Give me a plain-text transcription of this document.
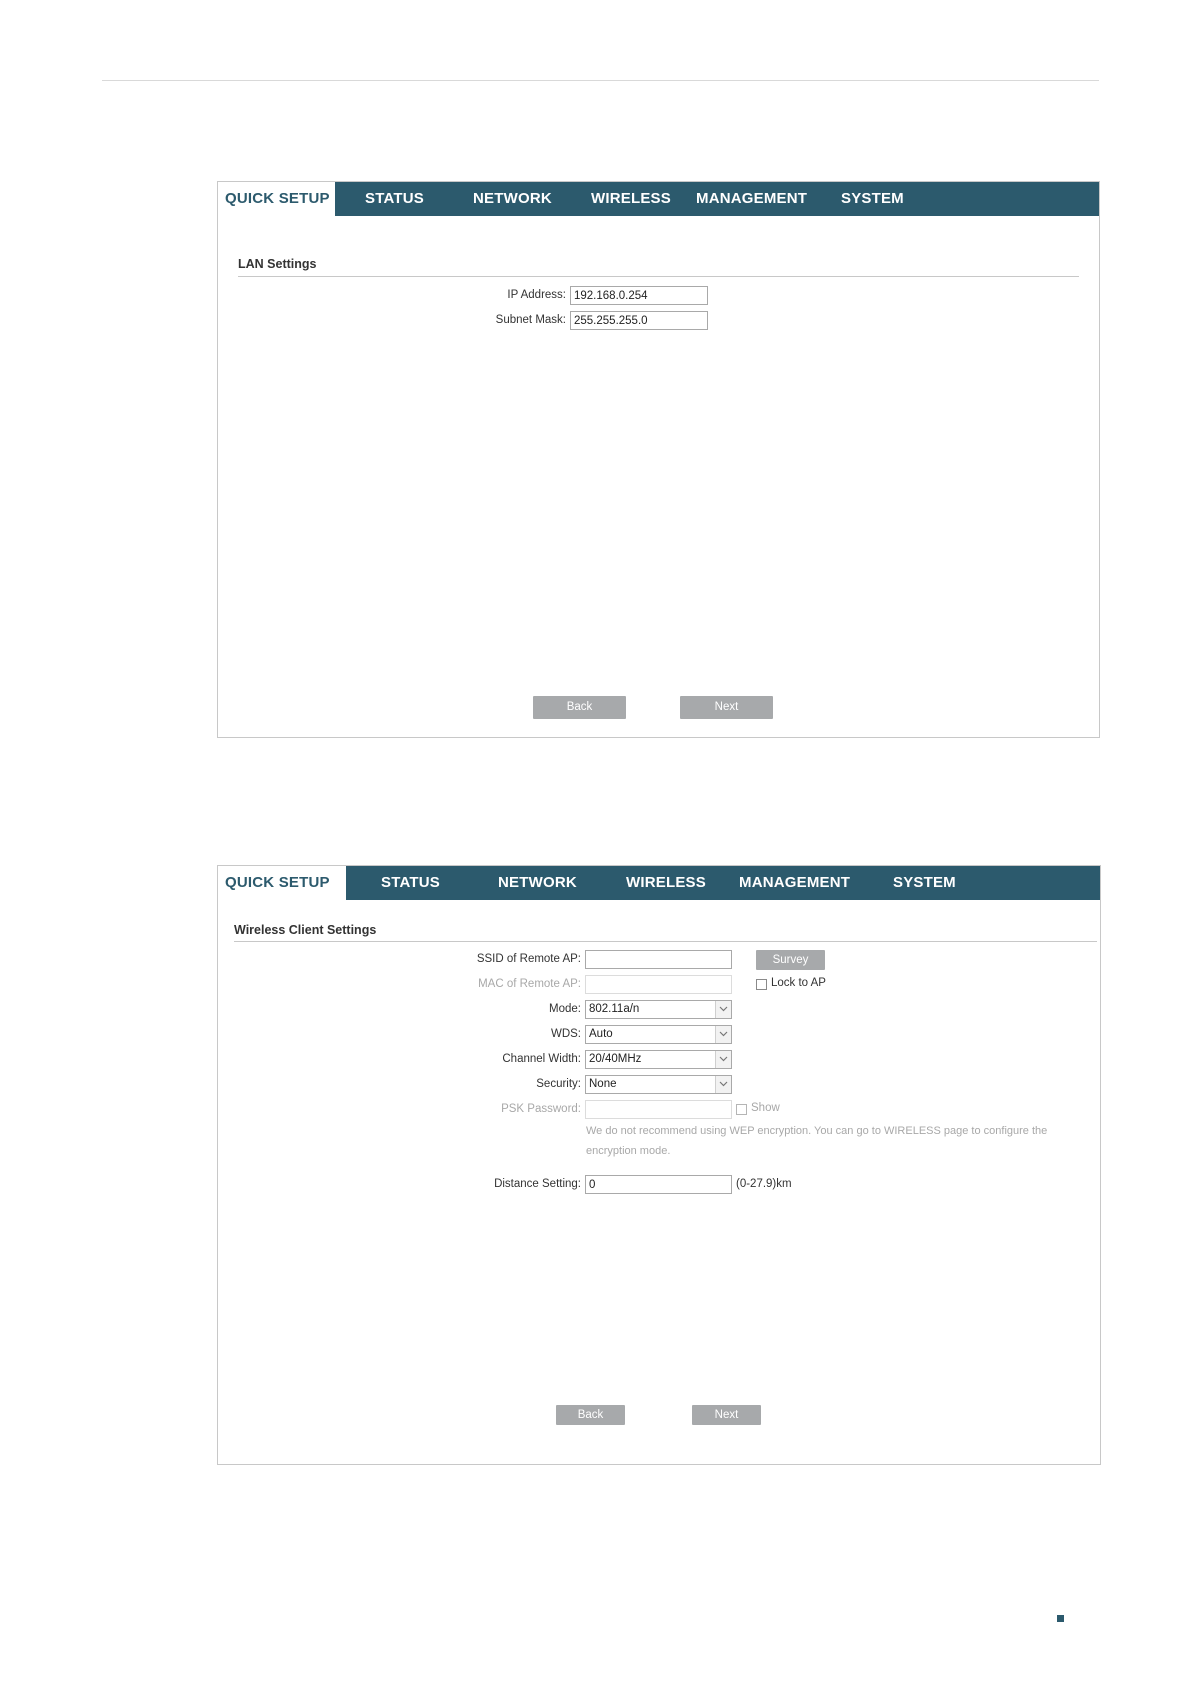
QUICK SETUP	STATUS	NETWORK	WIRELESS MANAGEMENT SYSTEM
LAN Settings
IP Address:
192.168.0.254
Subnet Mask:
255.255.255.0
Back	Next
QUICK SETUP	STATUS	NETWORK	WIRELESS MANAGEMENT	SYSTEM
Wireless Client Settings
SSID of Remote AP:	Survey
MAC of Remote AP:	Lock to AP
Mode: 802.11a/n
WDS: Auto
Channel Width: 20/40MHz
Security: None
PSK Password:	Show
We do not recommend using WEP encryption. You can go to WIRELESS page to configure the
encryption mode.
Distance Setting:
0	(0-27.9)km
Back	Next
